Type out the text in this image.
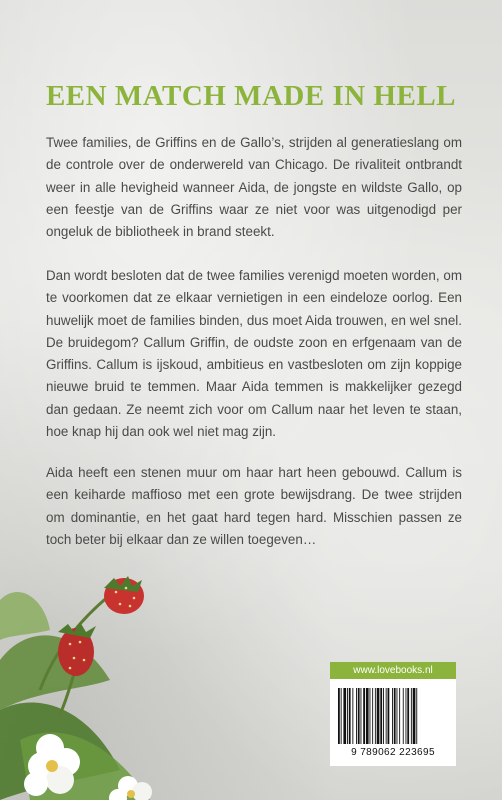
EEN MATCH MADE IN HELL

Twee families, de Griffins en de Gallo’s, strijden al generatieslang om de controle over de onderwereld van Chicago. De rivaliteit ontbrandt weer in alle hevigheid wanneer Aida, de jongste en wildste Gallo, op een feestje van de Griffins waar ze niet voor was uitgenodigd per ongeluk de bibliotheek in brand steekt.

Dan wordt besloten dat de twee families verenigd moeten worden, om te voorkomen dat ze elkaar vernietigen in een eindeloze oorlog. Een huwelijk moet de families binden, dus moet Aida trouwen, en wel snel. De bruidegom? Callum Griffin, de oudste zoon en erfgenaam van de Griffins. Callum is ijskoud, ambitieus en vastbesloten om zijn koppige nieuwe bruid te temmen. Maar Aida temmen is makkelijker gezegd dan gedaan. Ze neemt zich voor om Callum naar het leven te staan, hoe knap hij dan ook wel niet mag zijn.

Aida heeft een stenen muur om haar hart heen gebouwd. Callum is een keiharde maffioso met een grote bewijsdrang. De twee strijden om dominantie, en het gaat hard tegen hard. Misschien passen ze toch beter bij elkaar dan ze willen toegeven…

www.lovebooks.nl
9 789062 223695
